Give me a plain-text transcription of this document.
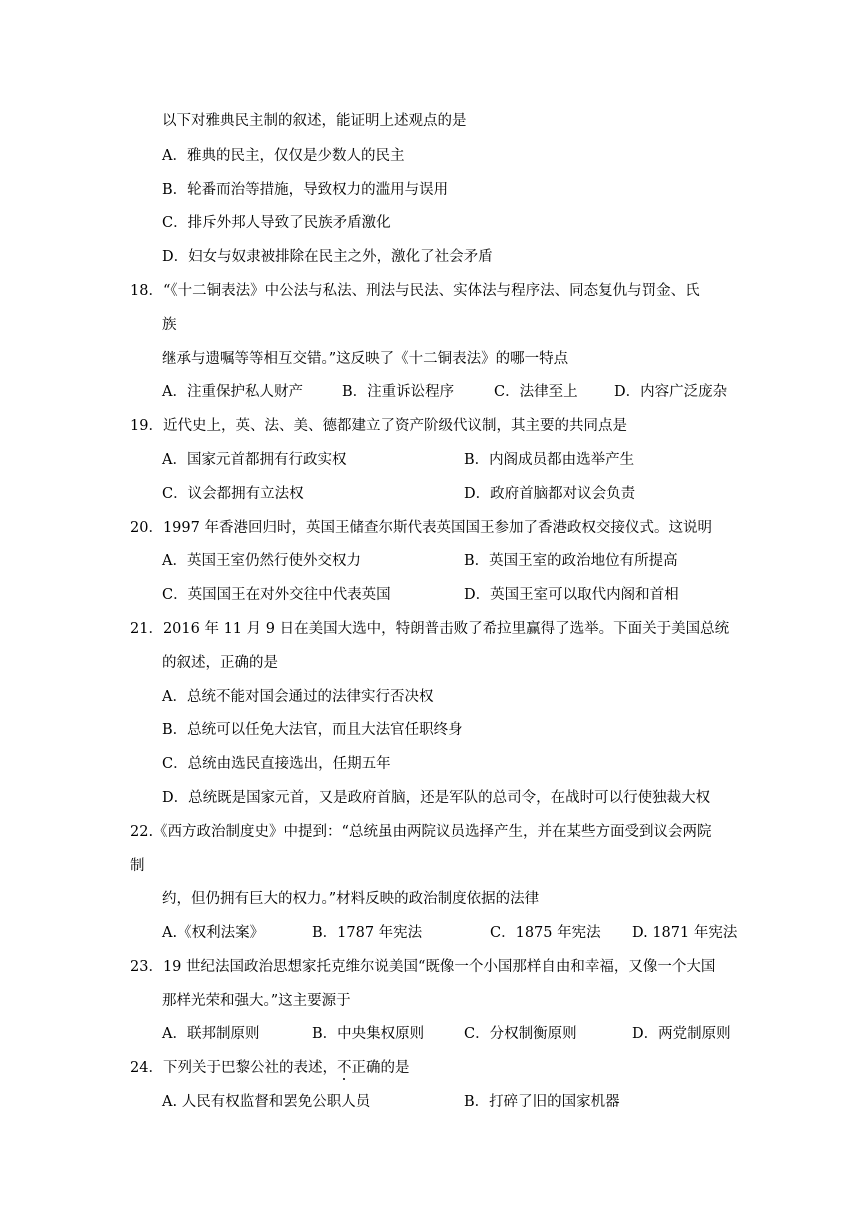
以下对雅典民主制的叙述，能证明上述观点的是
A．雅典的民主，仅仅是少数人的民主
B．轮番而治等措施，导致权力的滥用与误用
C．排斥外邦人导致了民族矛盾激化
D．妇女与奴隶被排除在民主之外，激化了社会矛盾
18．“《十二铜表法》中公法与私法、刑法与民法、实体法与程序法、同态复仇与罚金、氏
族
继承与遗嘱等等相互交错。”这反映了《十二铜表法》的哪一特点
A．注重保护私人财产	B．注重诉讼程序	C．法律至上	D．内容广泛庞杂
19．近代史上，英、法、美、德都建立了资产阶级代议制，其主要的共同点是
A．国家元首都拥有行政实权	B．内阁成员都由选举产生
C．议会都拥有立法权	D．政府首脑都对议会负责
20．1997 年香港回归时，英国王储查尔斯代表英国国王参加了香港政权交接仪式。这说明
A．英国王室仍然行使外交权力	B．英国王室的政治地位有所提高
C．英国国王在对外交往中代表英国	D．英国王室可以取代内阁和首相
21．2016 年 11 月 9 日在美国大选中，特朗普击败了希拉里赢得了选举。下面关于美国总统
的叙述，正确的是
A．总统不能对国会通过的法律实行否决权
B．总统可以任免大法官，而且大法官任职终身
C．总统由选民直接选出，任期五年
D．总统既是国家元首，又是政府首脑，还是军队的总司令，在战时可以行使独裁大权
22.《西方政治制度史》中提到：“总统虽由两院议员选择产生，并在某些方面受到议会两院
制
约，但仍拥有巨大的权力。”材料反映的政治制度依据的法律
A.《权利法案》	B．1787 年宪法	C．1875 年宪法 D. 1871 年宪法
23．19 世纪法国政治思想家托克维尔说美国“既像一个小国那样自由和幸福，又像一个大国
那样光荣和强大。”这主要源于
A．联邦制原则	B．中央集权原则	C．分权制衡原则	D．两党制原则
24．下列关于巴黎公社的表述，不正确的是
A. 人民有权监督和罢免公职人员	B．打碎了旧的国家机器
